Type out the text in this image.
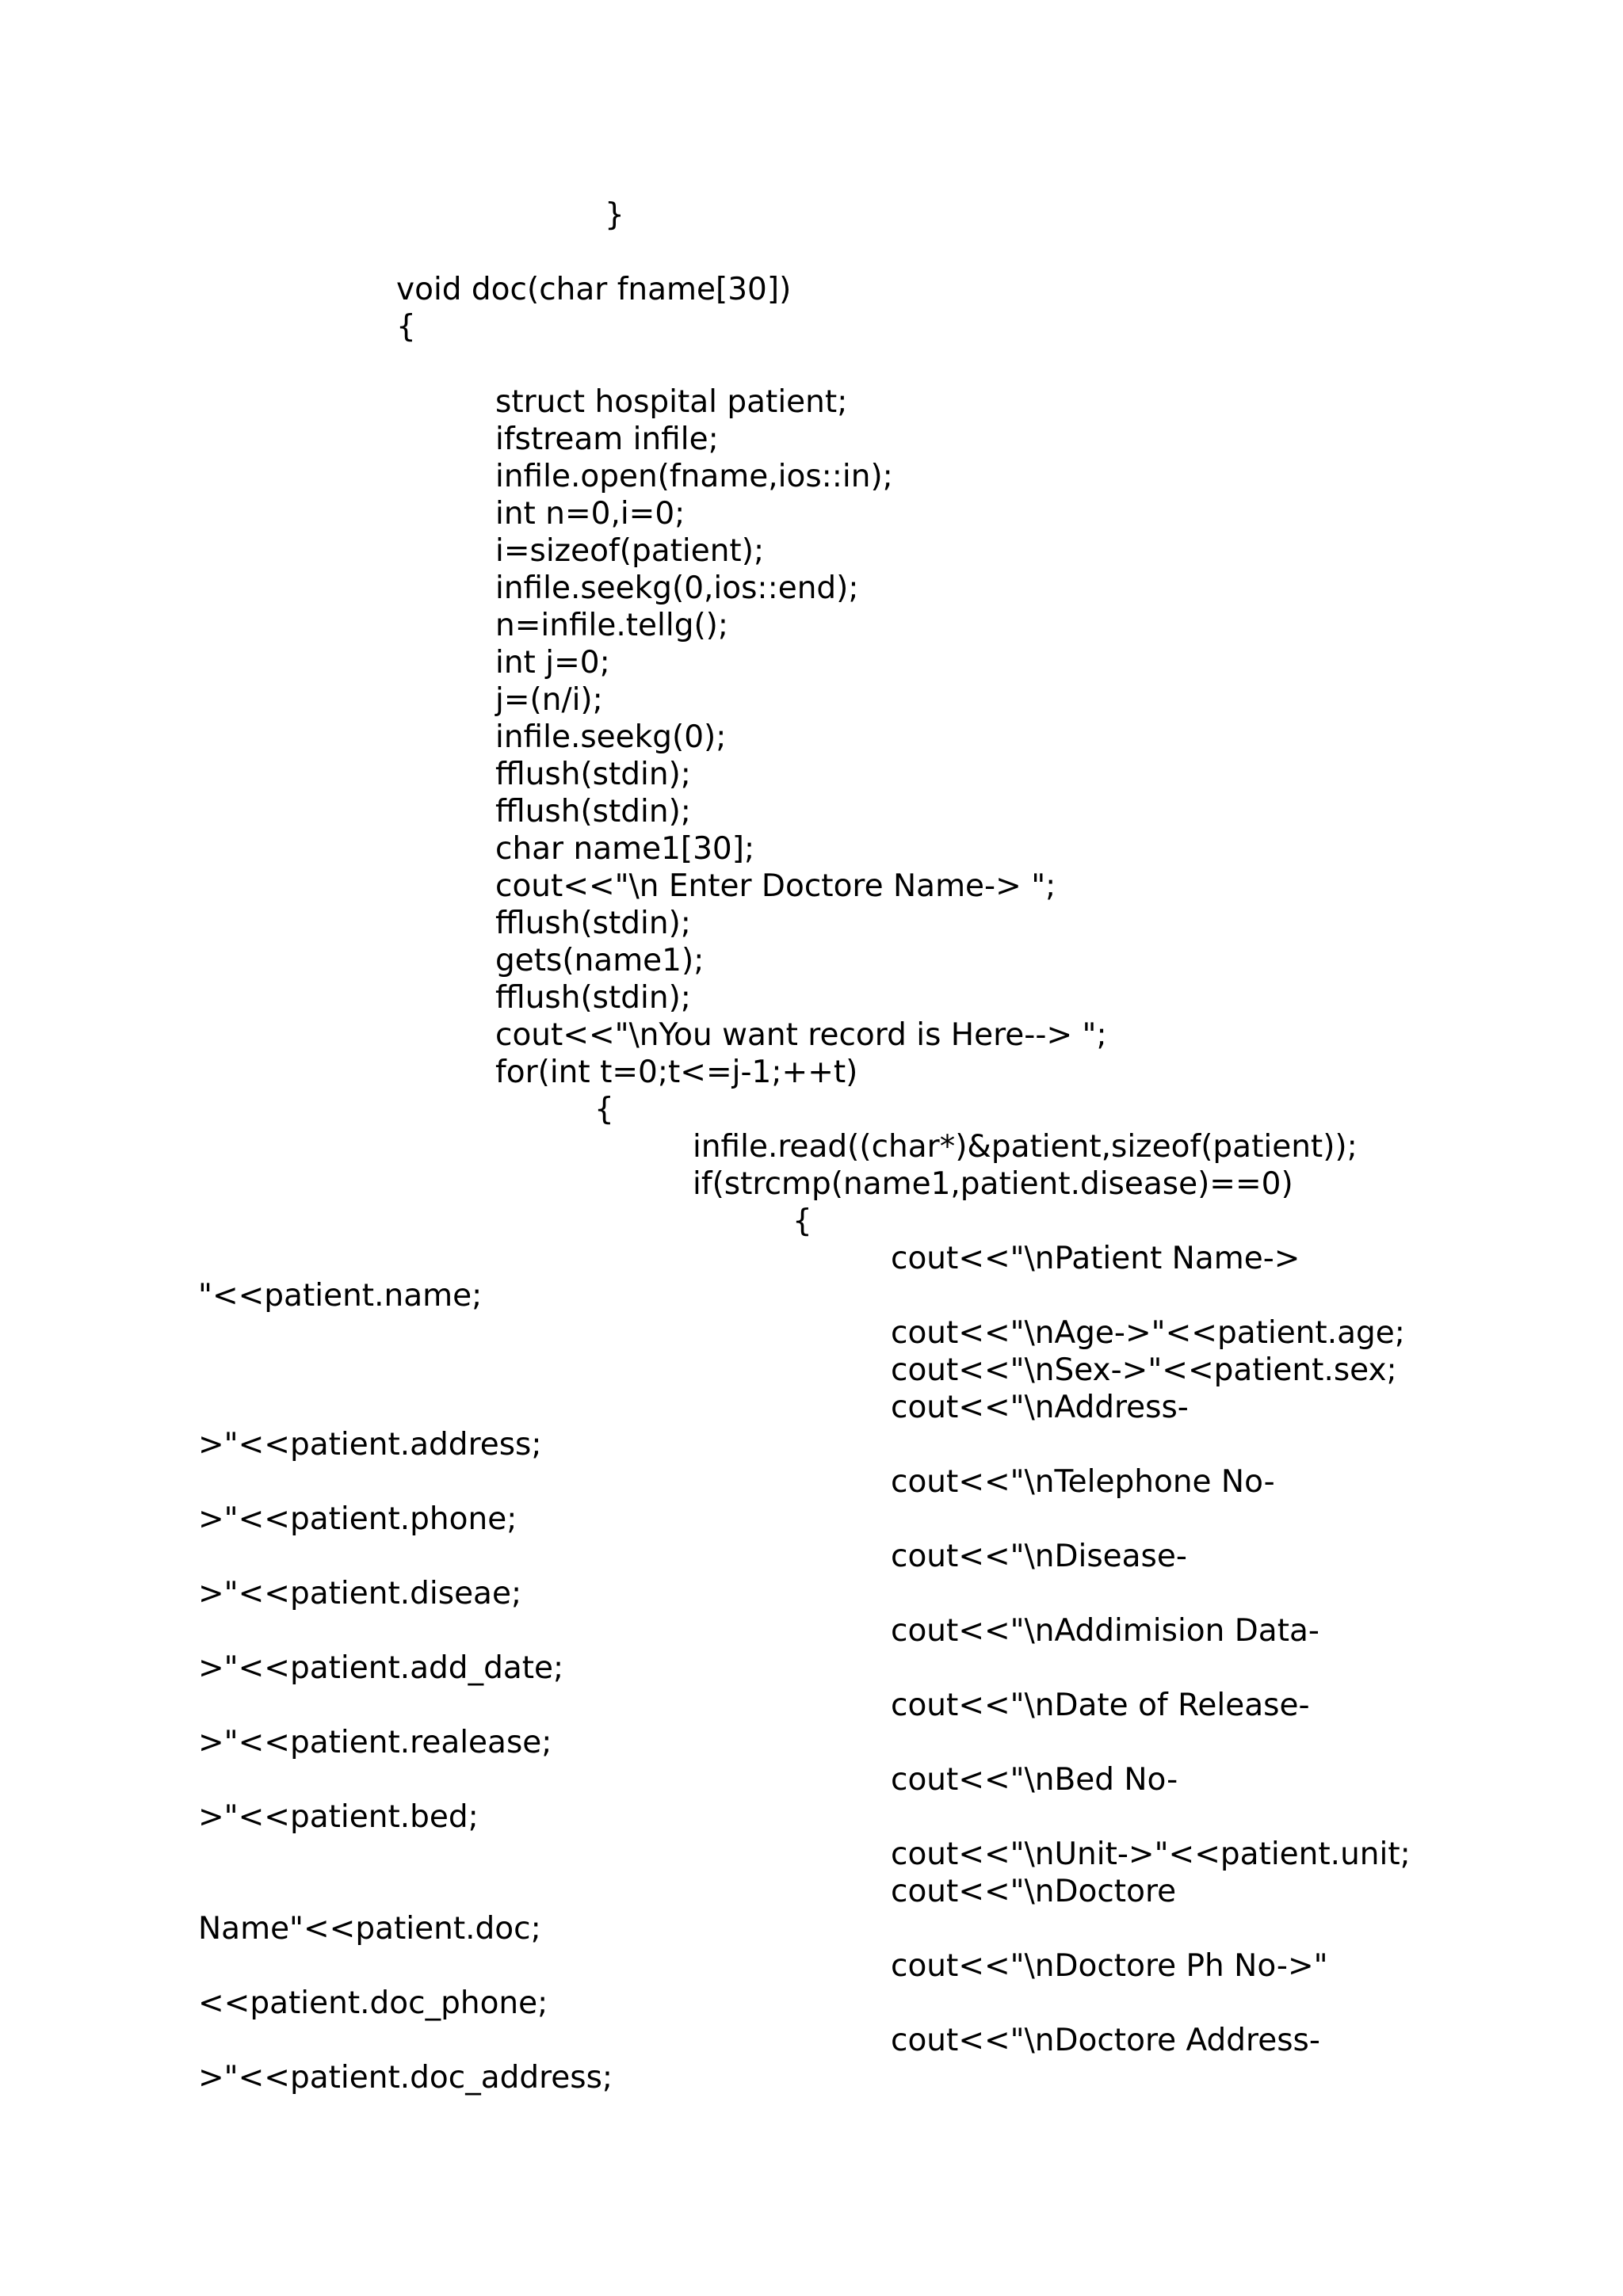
}

void doc(char fname[30])

{

struct hospital patient;

ifstream infile;

infile.open(fname,ios::in);

int n=0,i=0;

i=sizeof(patient);

infile.seekg(0,ios::end);

n=infile.tellg();

int j=0;

j=(n/i);

infile.seekg(0);

fflush(stdin);

fflush(stdin);

char name1[30];

cout<<"\n Enter Doctore Name-> ";

fflush(stdin);

gets(name1);

fflush(stdin);

cout<<"\nYou want record is Here--> ";

for(int t=0;t<=j-1;++t)

{

infile.read((char*)&patient,sizeof(patient));

if(strcmp(name1,patient.disease)==0)

{

cout<<"\nPatient Name->

"<<patient.name;

cout<<"\nAge->"<<patient.age;

cout<<"\nSex->"<<patient.sex;

cout<<"\nAddress-

>"<<patient.address;

cout<<"\nTelephone No-

>"<<patient.phone;

cout<<"\nDisease-

>"<<patient.diseae;

cout<<"\nAddimision Data-

>"<<patient.add_date;

cout<<"\nDate of Release-

>"<<patient.realease;

cout<<"\nBed No-

>"<<patient.bed;

cout<<"\nUnit->"<<patient.unit;

cout<<"\nDoctore

Name"<<patient.doc;

cout<<"\nDoctore Ph No->"

<<patient.doc_phone;

cout<<"\nDoctore Address-

>"<<patient.doc_address;
